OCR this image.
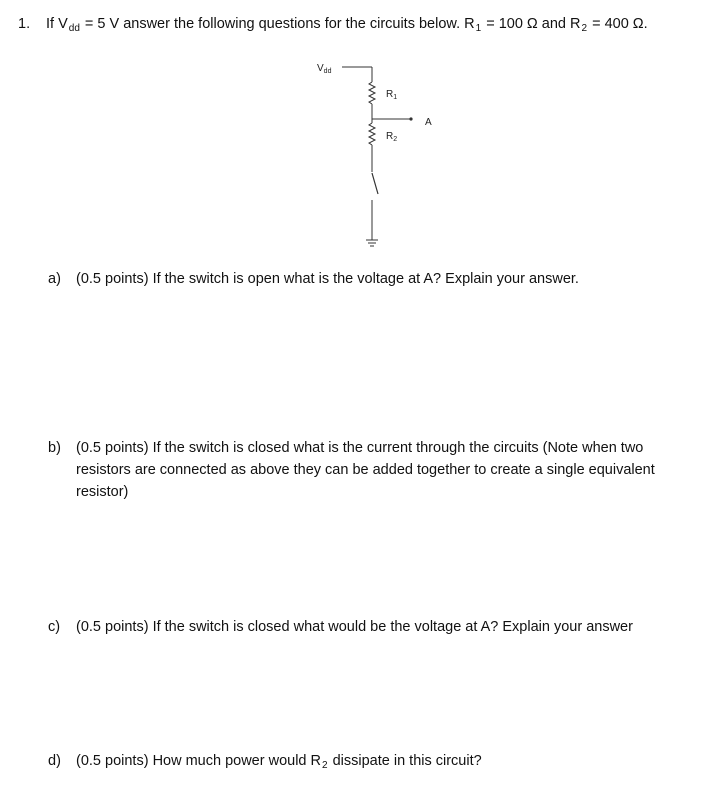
1. If $V_{dd} = 5$ V answer the following questions for the circuits below. $R_1 = 100$ Ω and $R_2 = 400$ Ω.
$V_{dd}$
A
$R_1$
$R_2$
a) (0.5 points) If the switch is open what is the voltage at A? Explain your answer.
b) (0.5 points) If the switch is closed what is the current through the circuits (Note when two resistors are connected as above they can be added together to create a single equivalent resistor)
c) (0.5 points) If the switch is closed what would be the voltage at A? Explain your answer
d) (0.5 points) How much power would $R_2$ dissipate in this circuit?
